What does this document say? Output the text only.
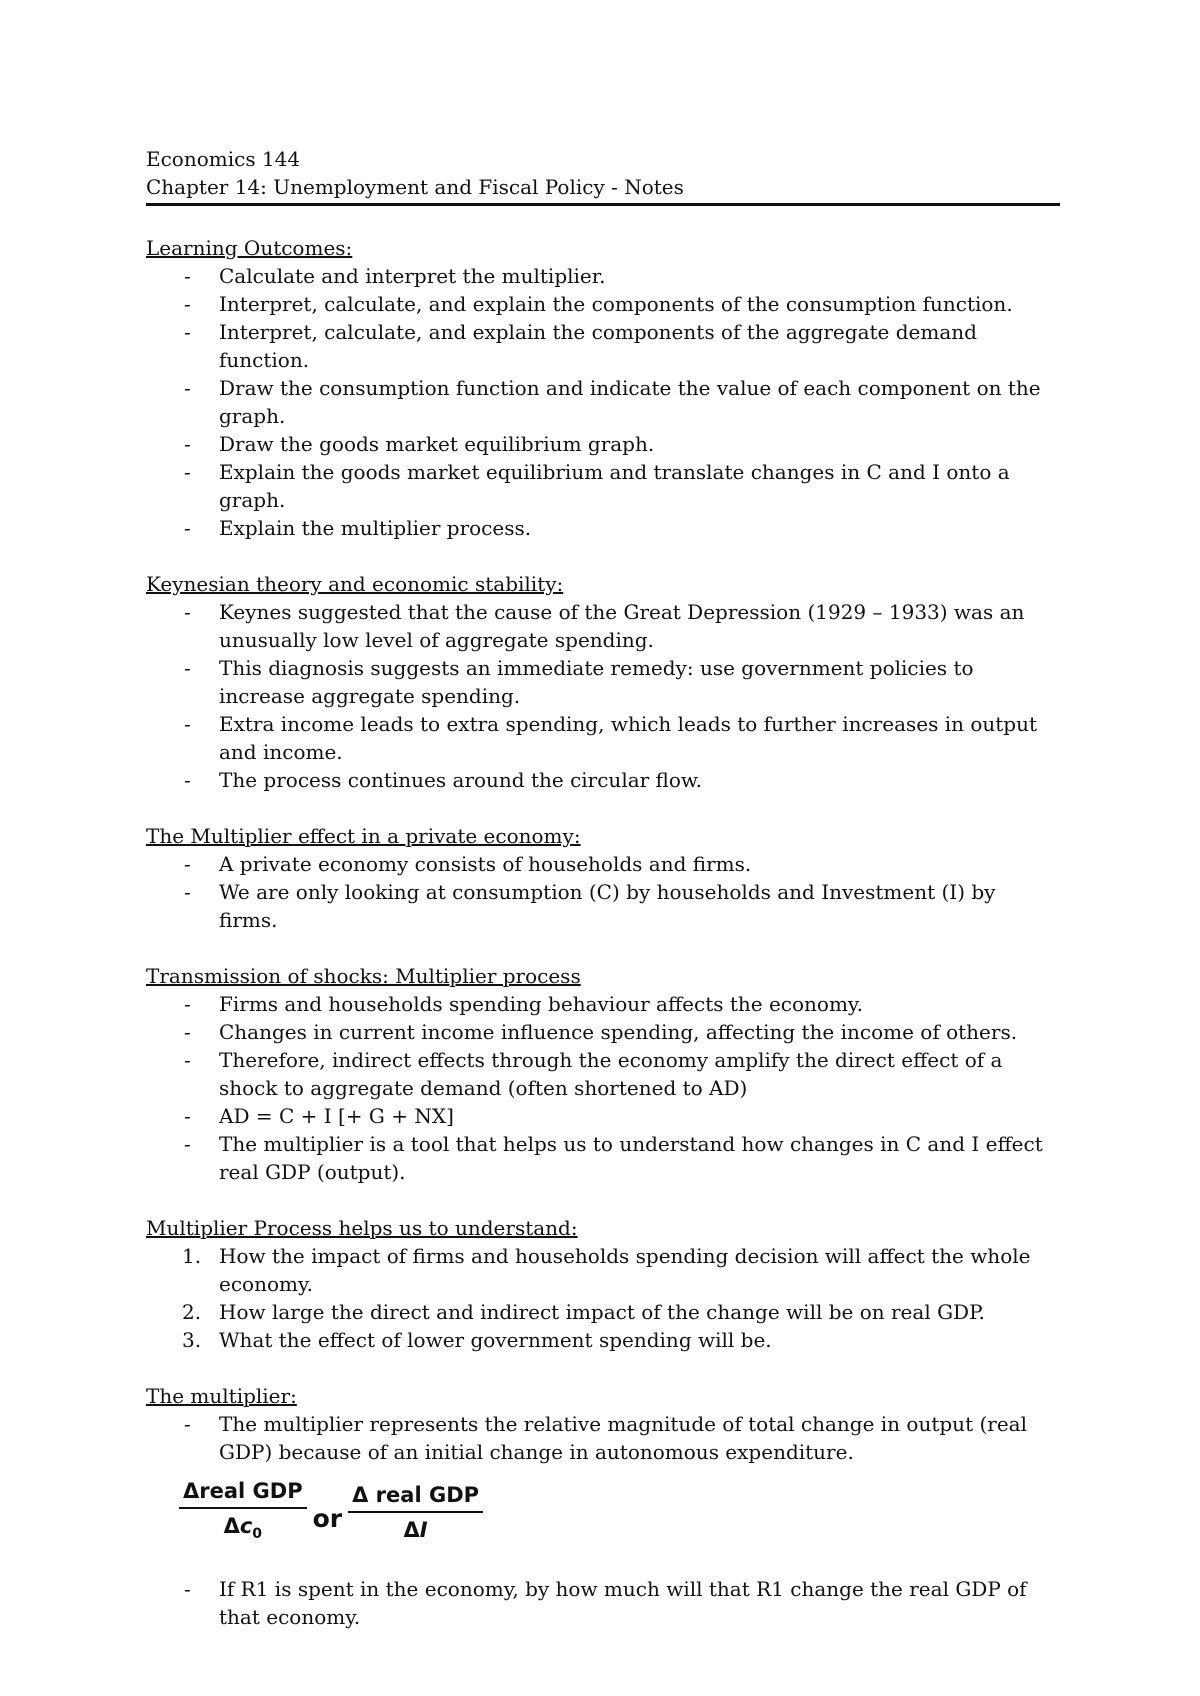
Economics 144

Chapter 14: Unemployment and Fiscal Policy - Notes

Learning Outcomes:

- Calculate and interpret the multiplier.
- Interpret, calculate, and explain the components of the consumption function.
- Interpret, calculate, and explain the components of the aggregate demand function.
- Draw the consumption function and indicate the value of each component on the graph.
- Draw the goods market equilibrium graph.
- Explain the goods market equilibrium and translate changes in C and I onto a graph.
- Explain the multiplier process.

Keynesian theory and economic stability:

- Keynes suggested that the cause of the Great Depression (1929 – 1933) was an unusually low level of aggregate spending.
- This diagnosis suggests an immediate remedy: use government policies to increase aggregate spending.
- Extra income leads to extra spending, which leads to further increases in output and income.
- The process continues around the circular flow.

The Multiplier effect in a private economy:

- A private economy consists of households and firms.
- We are only looking at consumption (C) by households and Investment (I) by firms.

Transmission of shocks: Multiplier process

- Firms and households spending behaviour affects the economy.
- Changes in current income influence spending, affecting the income of others.
- Therefore, indirect effects through the economy amplify the direct effect of a shock to aggregate demand (often shortened to AD)
- AD = C + I [+ G + NX]
- The multiplier is a tool that helps us to understand how changes in C and I effect real GDP (output).

Multiplier Process helps us to understand:

1. How the impact of firms and households spending decision will affect the whole economy.
2. How large the direct and indirect impact of the change will be on real GDP.
3. What the effect of lower government spending will be.

The multiplier:

- The multiplier represents the relative magnitude of total change in output (real GDP) because of an initial change in autonomous expenditure.
$\frac{\text{Δreal GDP}}{\Delta c_0}$ or $\frac{\text{Δ real GDP}}{\Delta I}$
- If R1 is spent in the economy, by how much will that R1 change the real GDP of that economy.
